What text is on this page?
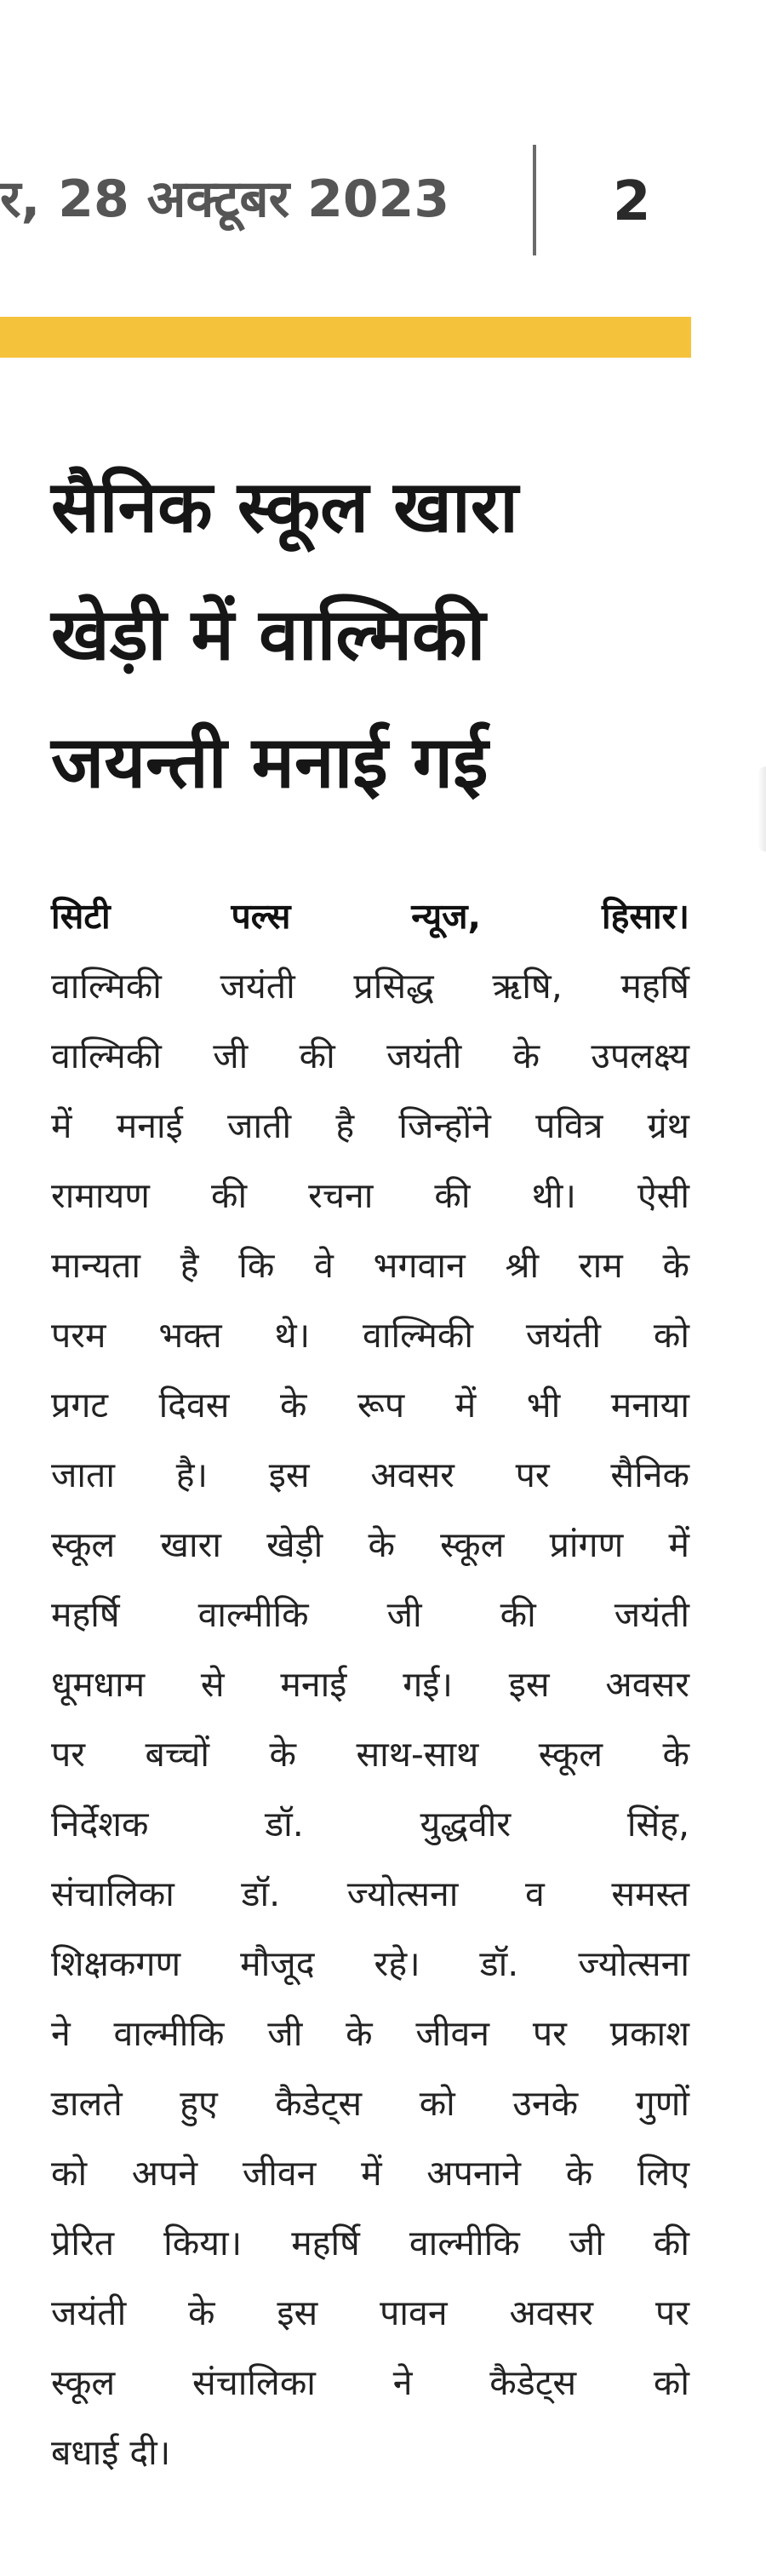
र, 28 अक्टूबर 2023	2
सैनिक स्कूल खारा
खेड़ी में वाल्मिकी
जयन्ती मनाई गई
सिटी पल्स न्यूज, हिसार।
वाल्मिकी जयंती प्रसिद्ध ऋषि, महर्षि
वाल्मिकी जी की जयंती के उपलक्ष्य
में मनाई जाती है जिन्होंने पवित्र ग्रंथ
रामायण की रचना की थी। ऐसी
मान्यता है कि वे भगवान श्री राम के
परम भक्त थे। वाल्मिकी जयंती को
प्रगट दिवस के रूप में भी मनाया
जाता है। इस अवसर पर सैनिक
स्कूल खारा खेड़ी के स्कूल प्रांगण में
महर्षि वाल्मीकि जी की जयंती
धूमधाम से मनाई गई। इस अवसर
पर बच्चों के साथ-साथ स्कूल के
निर्देशक डॉ. युद्धवीर सिंह,
संचालिका डॉ. ज्योत्सना व समस्त
शिक्षकगण मौजूद रहे। डॉ. ज्योत्सना
ने वाल्मीकि जी के जीवन पर प्रकाश
डालते हुए कैडेट्स को उनके गुणों
को अपने जीवन में अपनाने के लिए
प्रेरित किया। महर्षि वाल्मीकि जी की
जयंती के इस पावन अवसर पर
स्कूल संचालिका ने कैडेट्स को
बधाई दी।
